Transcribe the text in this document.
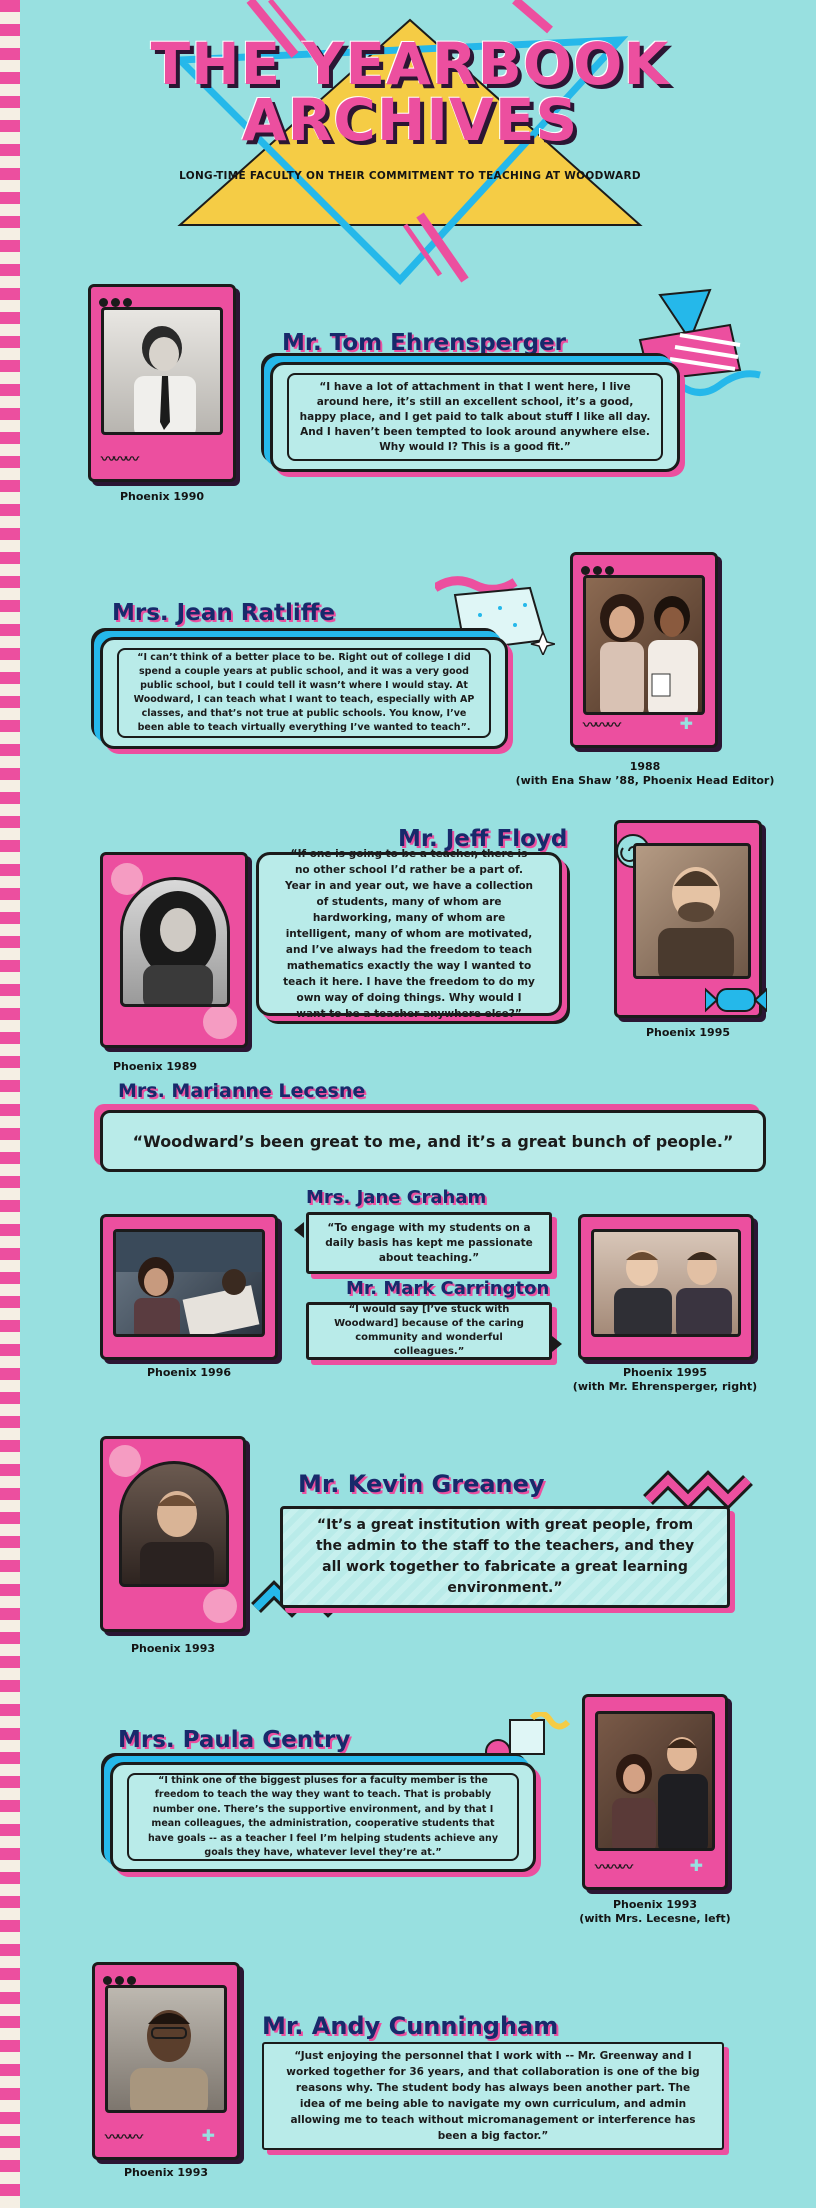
THE YEARBOOK
ARCHIVES
LONG-TIME FACULTY ON THEIR COMMITMENT TO TEACHING AT WOODWARD
〰〰〰
Phoenix 1990
Mr. Tom Ehrensperger
“I have a lot of attachment in that I went here, I live around here, it’s still an excellent school, it’s a good, happy place, and I get paid to talk about stuff I like all day. And I haven’t been tempted to look around anywhere else. Why would I? This is a good fit.”
〰〰〰	✚
1988
(with Ena Shaw ’88, Phoenix Head Editor)
Mrs. Jean Ratliffe
“I can’t think of a better place to be. Right out of college I did spend a couple years at public school, and it was a very good public school, but I could tell it wasn’t where I would stay. At Woodward, I can teach what I want to teach, especially with AP classes, and that’s not true at public schools. You know, I’ve been able to teach virtually everything I’ve wanted to teach”.
Phoenix 1989
Mr. Jeff Floyd
“If one is going to be a teacher, there is no other school I’d rather be a part of. Year in and year out, we have a collection of students, many of whom are hardworking, many of whom are intelligent, many of whom are motivated, and I’ve always had the freedom to teach mathematics exactly the way I wanted to teach it here. I have the freedom to do my own way of doing things. Why would I want to be a teacher anywhere else?”
Phoenix 1995
Mrs. Marianne Lecesne
“Woodward’s been great to me, and it’s a great bunch of people.”
Phoenix 1996
Mrs. Jane Graham
“To engage with my students on a daily basis has kept me passionate about teaching.”
Mr. Mark Carrington
“I would say [I’ve stuck with Woodward] because of the caring community and wonderful colleagues.”
Phoenix 1995
(with Mr. Ehrensperger, right)
Phoenix 1993
Mr. Kevin Greaney
“It’s a great institution with great people, from the admin to the staff to the teachers, and they all work together to fabricate a great learning environment.”
Mrs. Paula Gentry
“I think one of the biggest pluses for a faculty member is the freedom to teach the way they want to teach. That is probably number one. There’s the supportive environment, and by that I mean colleagues, the administration, cooperative students that have goals -- as a teacher I feel I’m helping students achieve any goals they have, whatever level they’re at.”
〰〰〰	✚
Phoenix 1993
(with Mrs. Lecesne, left)
〰〰〰	✚
Phoenix 1993
Mr. Andy Cunningham
“Just enjoying the personnel that I work with -- Mr. Greenway and I worked together for 36 years, and that collaboration is one of the big reasons why. The student body has always been another part. The idea of me being able to navigate my own curriculum, and admin allowing me to teach without micromanagement or interference has been a big factor.”
